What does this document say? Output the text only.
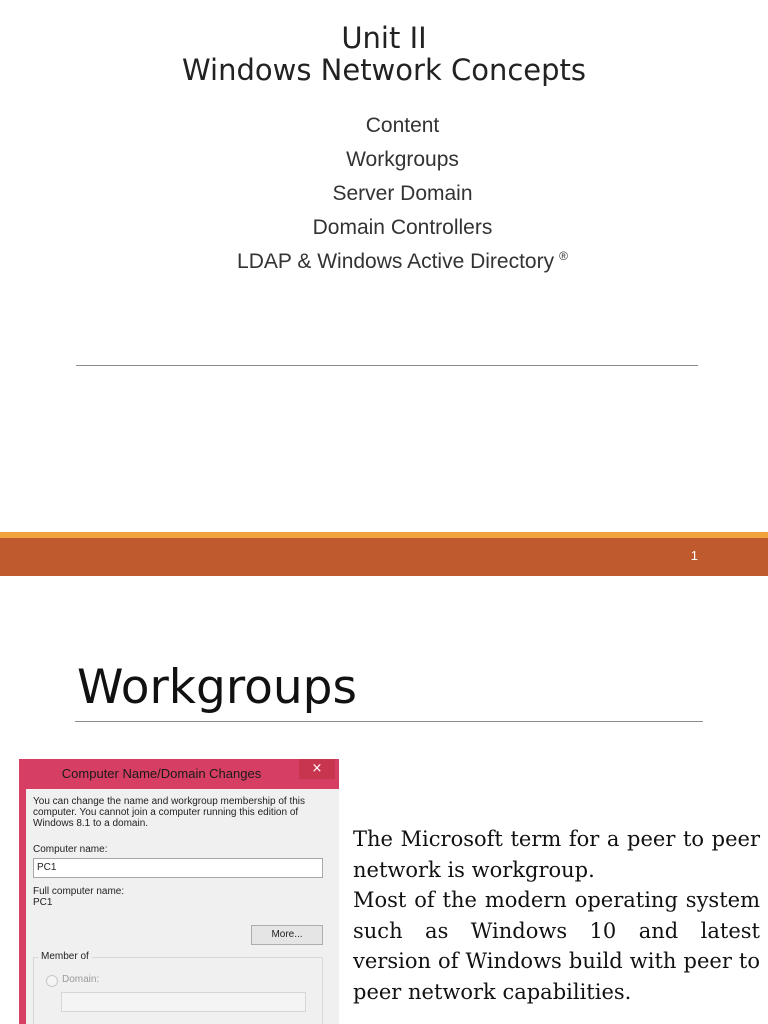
Unit II
Windows Network Concepts
Content
Workgroups
Server Domain
Domain Controllers
LDAP & Windows Active Directory ®
1
Workgroups
Computer Name/Domain Changes	×
You can change the name and workgroup membership of this computer. You cannot join a computer running this edition of Windows 8.1 to a domain.
Computer name:
PC1
Full computer name:
PC1
More...
Member of
Domain:

The Microsoft term for a peer to peer network is workgroup.

Most of the modern operating system such as Windows 10 and latest version of Windows build with peer to peer network capabilities.
